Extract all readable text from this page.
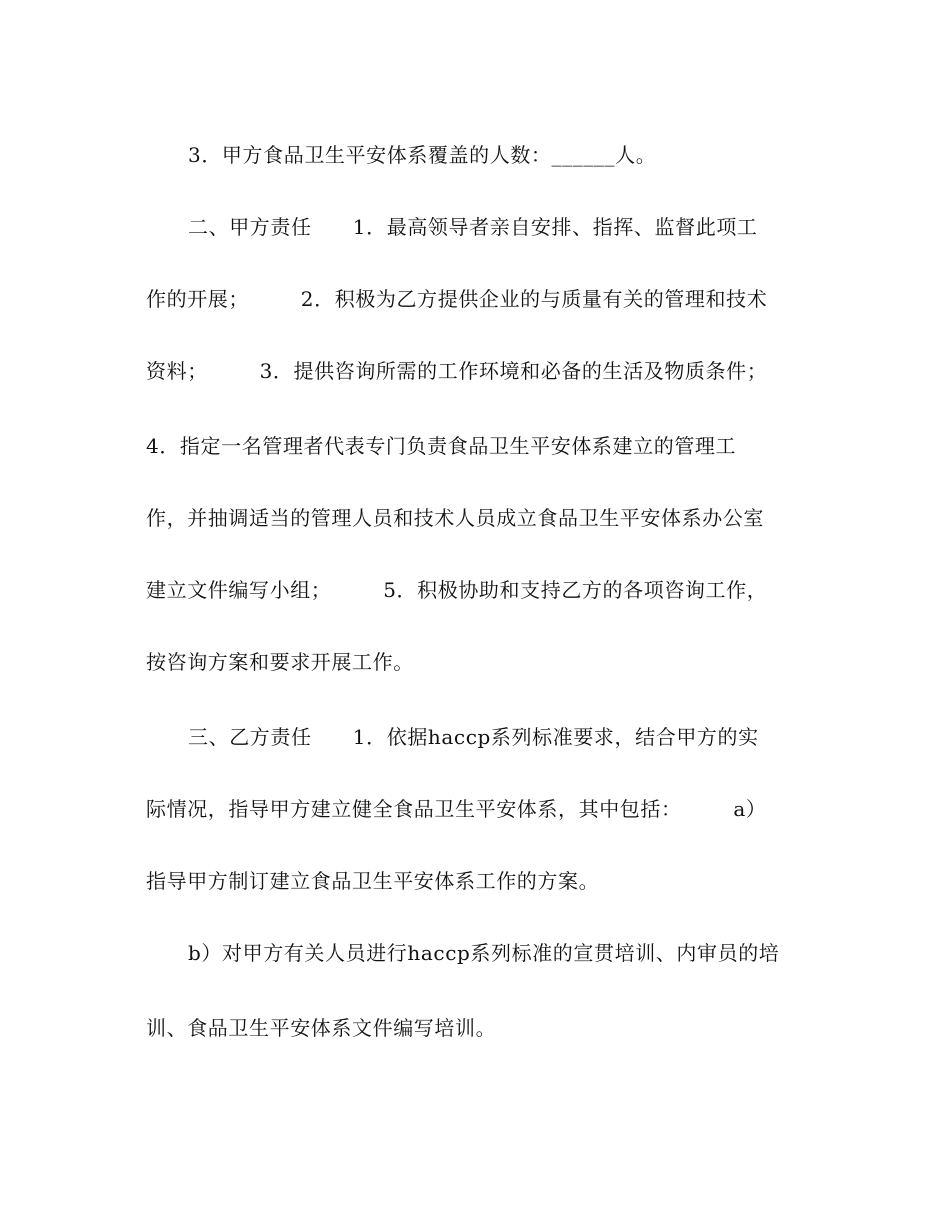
3．甲方食品卫生平安体系覆盖的人数：______人。
二、甲方责任　　1．最高领导者亲自安排、指挥、监督此项工
作的开展；　　　2．积极为乙方提供企业的与质量有关的管理和技术
资料；　　　3．提供咨询所需的工作环境和必备的生活及物质条件；
4．指定一名管理者代表专门负责食品卫生平安体系建立的管理工
作，并抽调适当的管理人员和技术人员成立食品卫生平安体系办公室
建立文件编写小组；　　　5．积极协助和支持乙方的各项咨询工作，
按咨询方案和要求开展工作。
三、乙方责任　　1．依据haccp系列标准要求，结合甲方的实
际情况，指导甲方建立健全食品卫生平安体系，其中包括：　　　a）
指导甲方制订建立食品卫生平安体系工作的方案。
b）对甲方有关人员进行haccp系列标准的宣贯培训、内审员的培
训、食品卫生平安体系文件编写培训。
